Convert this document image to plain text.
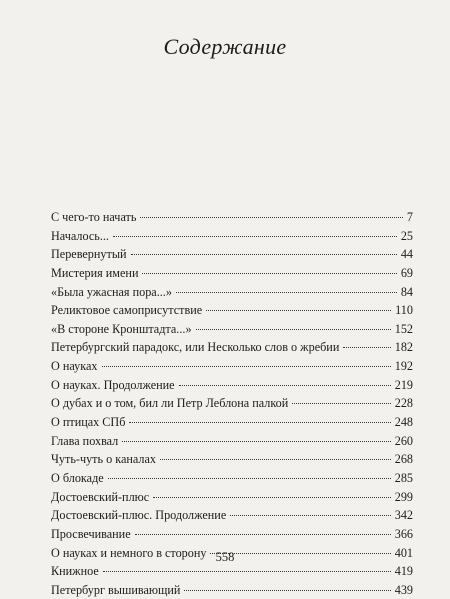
Содержание
С чего-то начать	7
Началось...	25
Перевернутый	44
Мистерия имени	69
«Была ужасная пора...»	84
Реликтовое самоприсутствие	110
«В стороне Кронштадта...»	152
Петербургский парадокс, или Несколько слов о жребии	182
О науках	192
О науках. Продолжение	219
О дубах и о том, бил ли Петр Леблона палкой	228
О птицах СПб	248
Глава похвал	260
Чуть-чуть о каналах	268
О блокаде	285
Достоевский-плюс	299
Достоевский-плюс. Продолжение	342
Просвечивание	366
О науках и немного в сторону	401
Книжное	419
Петербург вышивающий	439
558
